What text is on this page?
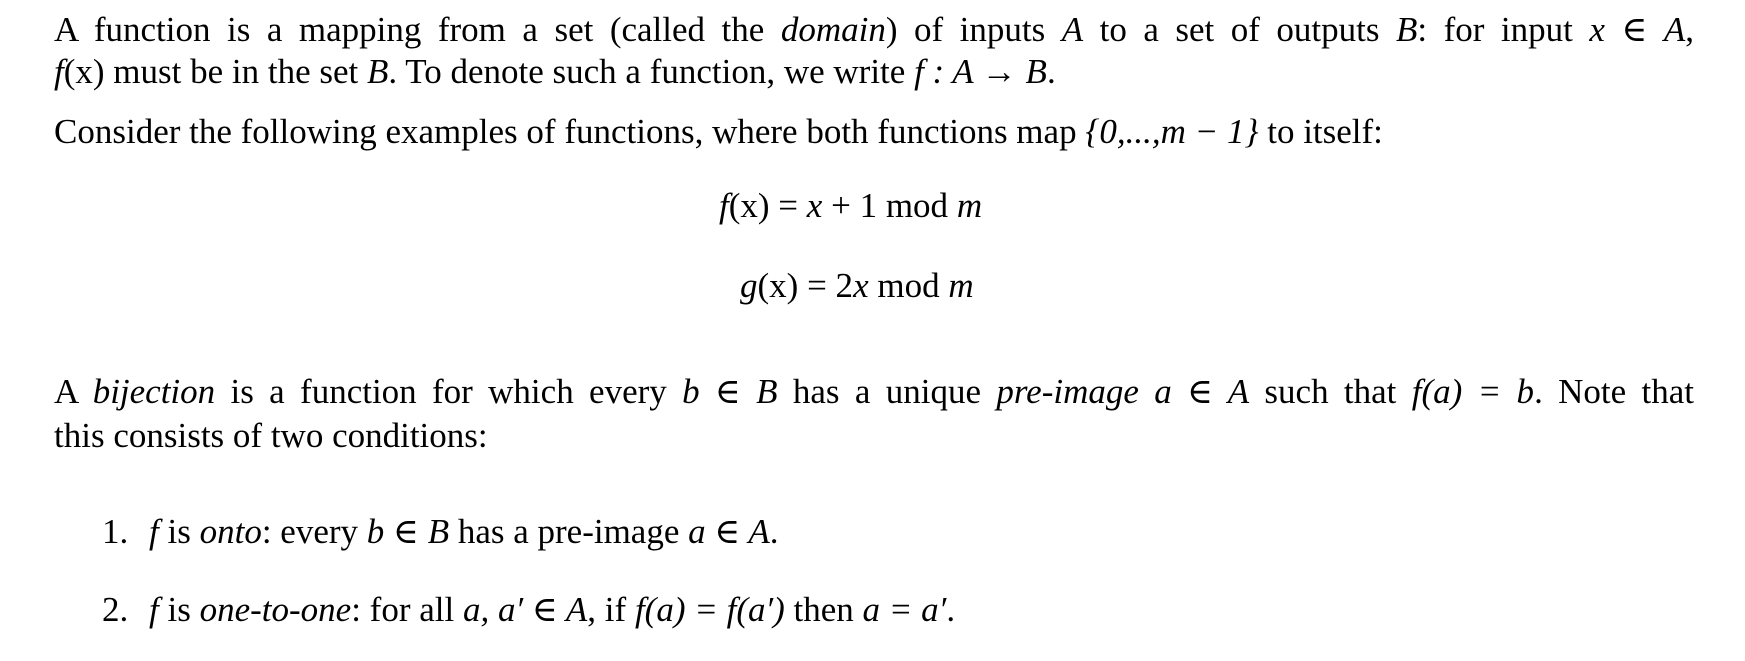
A function is a mapping from a set (called the domain) of inputs A to a set of outputs B: for input x ∈ A,
f(x) must be in the set B. To denote such a function, we write f : A → B.
Consider the following examples of functions, where both functions map {0,...,m − 1} to itself:
f(x) = x + 1 mod m
g(x) = 2x mod m
A bijection is a function for which every b ∈ B has a unique pre-image a ∈ A such that f(a) = b. Note that
this consists of two conditions:
1. f is onto: every b ∈ B has a pre-image a ∈ A.
2. f is one-to-one: for all a, a′ ∈ A, if f(a) = f(a′) then a = a′.
